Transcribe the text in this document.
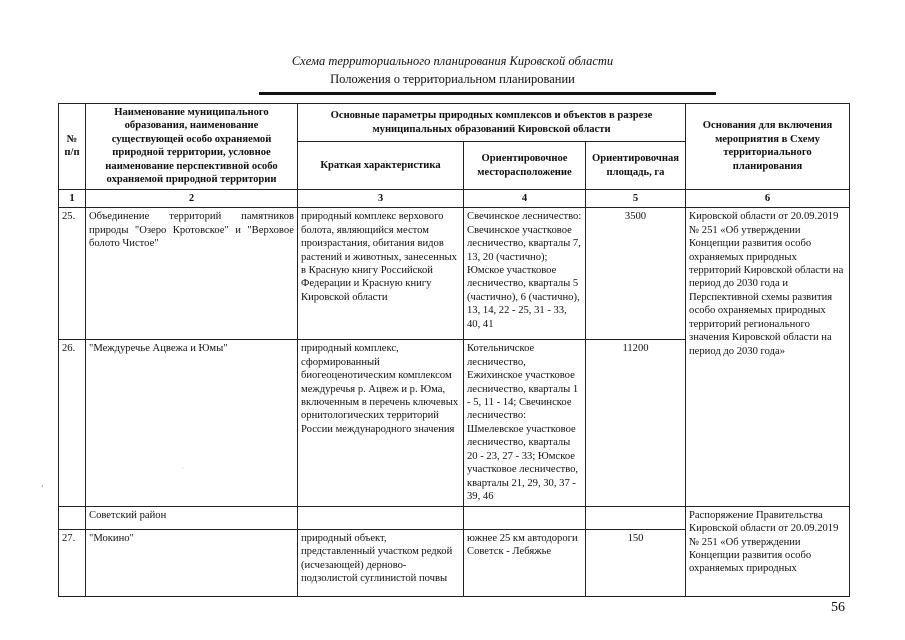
Схема территориального планирования Кировской области
Положения о территориальном планировании
№ п/п	Наименование муниципального образования, наименование существующей особо охраняемой природной территории, условное наименование перспективной особо охраняемой природной территории	Основные параметры природных комплексов и объектов в разрезе муниципальных образований Кировской области			Основания для включения мероприятия в Схему территориального планирования
		Краткая характеристика	Ориентировочное месторасположение	Ориентировочная площадь, га	
1	2	3	4	5	6
25.	Объединение территорий памятников природы "Озеро Кротовское" и "Верховое болото Чистое"	природный комплекс верхового болота, являющийся местом произрастания, обитания видов растений и животных, занесенных в Красную книгу Российской Федерации и Красную книгу Кировской области	Свечинское лесничество: Свечинское участковое лесничество, кварталы 7, 13, 20 (частично); Юмское участковое лесничество, кварталы 5 (частично), 6 (частично), 13, 14, 22 - 25, 31 - 33, 40, 41	3500	Кировской области от 20.09.2019 № 251 «Об утверждении Концепции развития особо охраняемых природных территорий Кировской области на период до 2030 года и Перспективной схемы развития особо охраняемых природных территорий регионального значения Кировской области на период до 2030 года»
26.	"Междуречье Ацвежа и Юмы"	природный комплекс, сформированный биогеоценотическим комплексом междуречья р. Ацвеж и р. Юма, включенным в перечень ключевых орнитологических территорий России международного значения	Котельничское лесничество, Ежихинское участковое лесничество, кварталы 1 - 5, 11 - 14; Свечинское лесничество: Шмелевское участковое лесничество, кварталы 20 - 23, 27 - 33; Юмское участковое лесничество, кварталы 21, 29, 30, 37 - 39, 46	11200	
	Советский район				Распоряжение Правительства Кировской области от 20.09.2019 № 251 «Об утверждении Концепции развития особо охраняемых природных
27.	"Мокино"	природный объект, представленный участком редкой (исчезающей) дерново-подзолистой суглинистой почвы	южнее 25 км автодороги Советск - Лебяжье	150	
·
·
56
